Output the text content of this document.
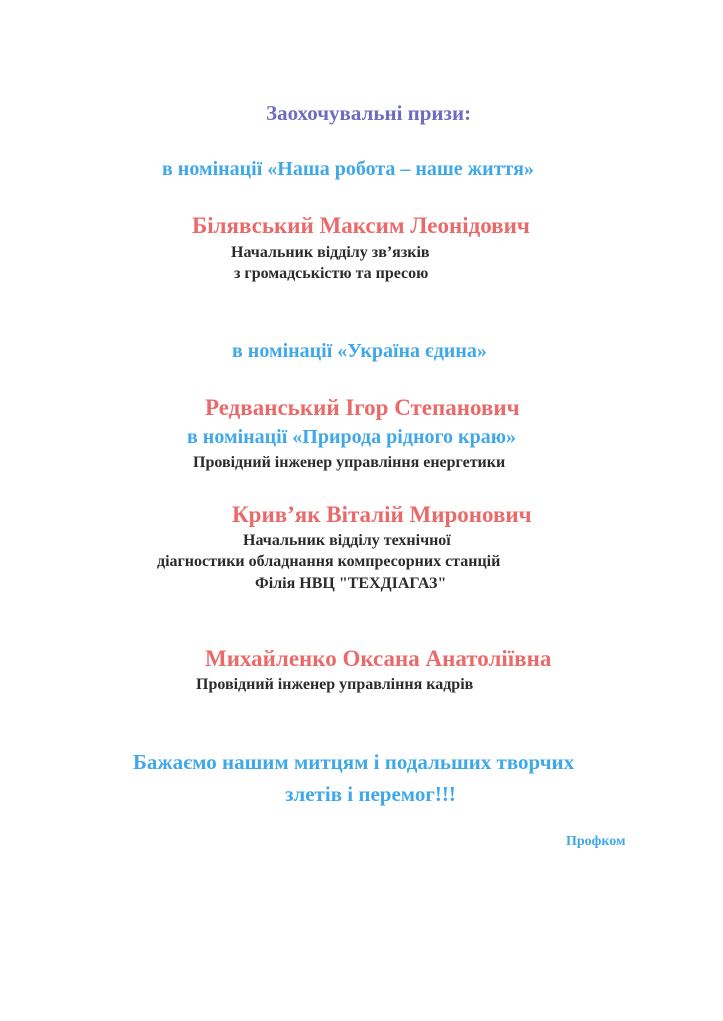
Заохочувальні призи:
в номінації «Наша робота – наше життя»
Білявський Максим Леонідович
Начальник відділу зв’язків
з громадськістю та пресою
в номінації «Україна єдина»
Редванський Ігор Степанович
в номінації «Природа рідного краю»
Провідний інженер управління енергетики
Крив’як Віталій Миронович
Начальник відділу технічної
діагностики обладнання компресорних станцій
Філія НВЦ "ТЕХДІАГАЗ"
Михайленко Оксана Анатоліївна
Провідний інженер управління кадрів
Бажаємо нашим митцям і подальших творчих
злетів і перемог!!!
Профком
